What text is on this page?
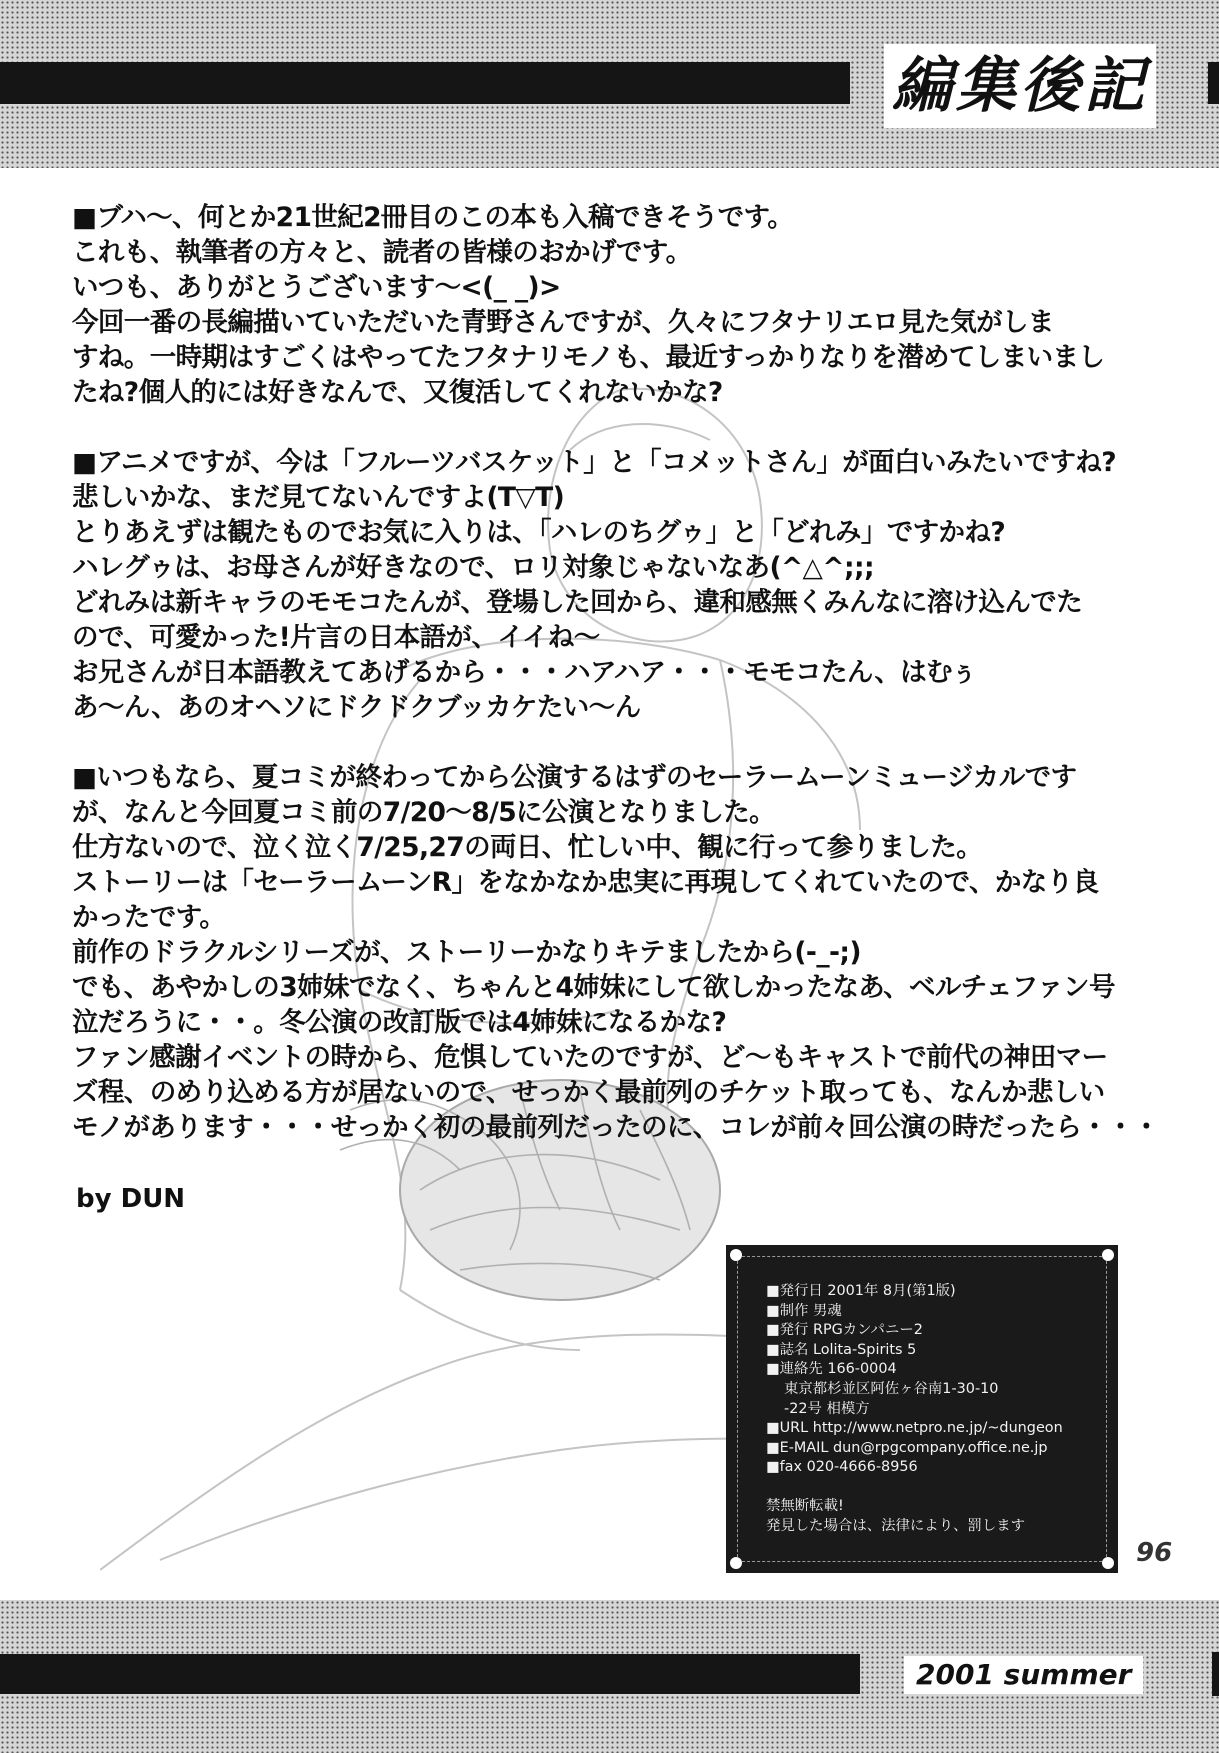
編集後記
■ブハ〜、何とか21世紀2冊目のこの本も入稿できそうです。
これも、執筆者の方々と、読者の皆様のおかげです。
いつも、ありがとうございます〜<(_ _)>
今回一番の長編描いていただいた青野さんですが、久々にフタナリエロ見た気がしま
すね。一時期はすごくはやってたフタナリモノも、最近すっかりなりを潜めてしまいまし
たね?個人的には好きなんで、又復活してくれないかな?
■アニメですが、今は「フルーツバスケット」と「コメットさん」が面白いみたいですね?
悲しいかな、まだ見てないんですよ(T▽T)
とりあえずは観たものでお気に入りは、「ハレのちグゥ」と「どれみ」ですかね?
ハレグゥは、お母さんが好きなので、ロリ対象じゃないなあ(^△^;;;
どれみは新キャラのモモコたんが、登場した回から、違和感無くみんなに溶け込んでた
ので、可愛かった!片言の日本語が、イイね〜
お兄さんが日本語教えてあげるから・・・ハアハア・・・モモコたん、はむぅ
あ〜ん、あのオヘソにドクドクブッカケたい〜ん
■いつもなら、夏コミが終わってから公演するはずのセーラームーンミュージカルです
が、なんと今回夏コミ前の7/20〜8/5に公演となりました。
仕方ないので、泣く泣く7/25,27の両日、忙しい中、観に行って参りました。
ストーリーは「セーラームーンR」をなかなか忠実に再現してくれていたので、かなり良
かったです。
前作のドラクルシリーズが、ストーリーかなりキテましたから(-_-;)
でも、あやかしの3姉妹でなく、ちゃんと4姉妹にして欲しかったなあ、ベルチェファン号
泣だろうに・・。冬公演の改訂版では4姉妹になるかな?
ファン感謝イベントの時から、危惧していたのですが、ど〜もキャストで前代の神田マー
ズ程、のめり込める方が居ないので、せっかく最前列のチケット取っても、なんか悲しい
モノがあります・・・せっかく初の最前列だったのに、コレが前々回公演の時だったら・・・
by DUN
■発行日 2001年 8月(第1版)
■制作 男魂
■発行 RPGカンパニー2
■誌名 Lolita-Spirits 5
■連絡先 166-0004
東京都杉並区阿佐ヶ谷南1-30-10
-22号 相模方
■URL http://www.netpro.ne.jp/~dungeon
■E-MAIL dun@rpgcompany.office.ne.jp
■fax 020-4666-8956
禁無断転載!
発見した場合は、法律により、罰します
96
2001 summer
